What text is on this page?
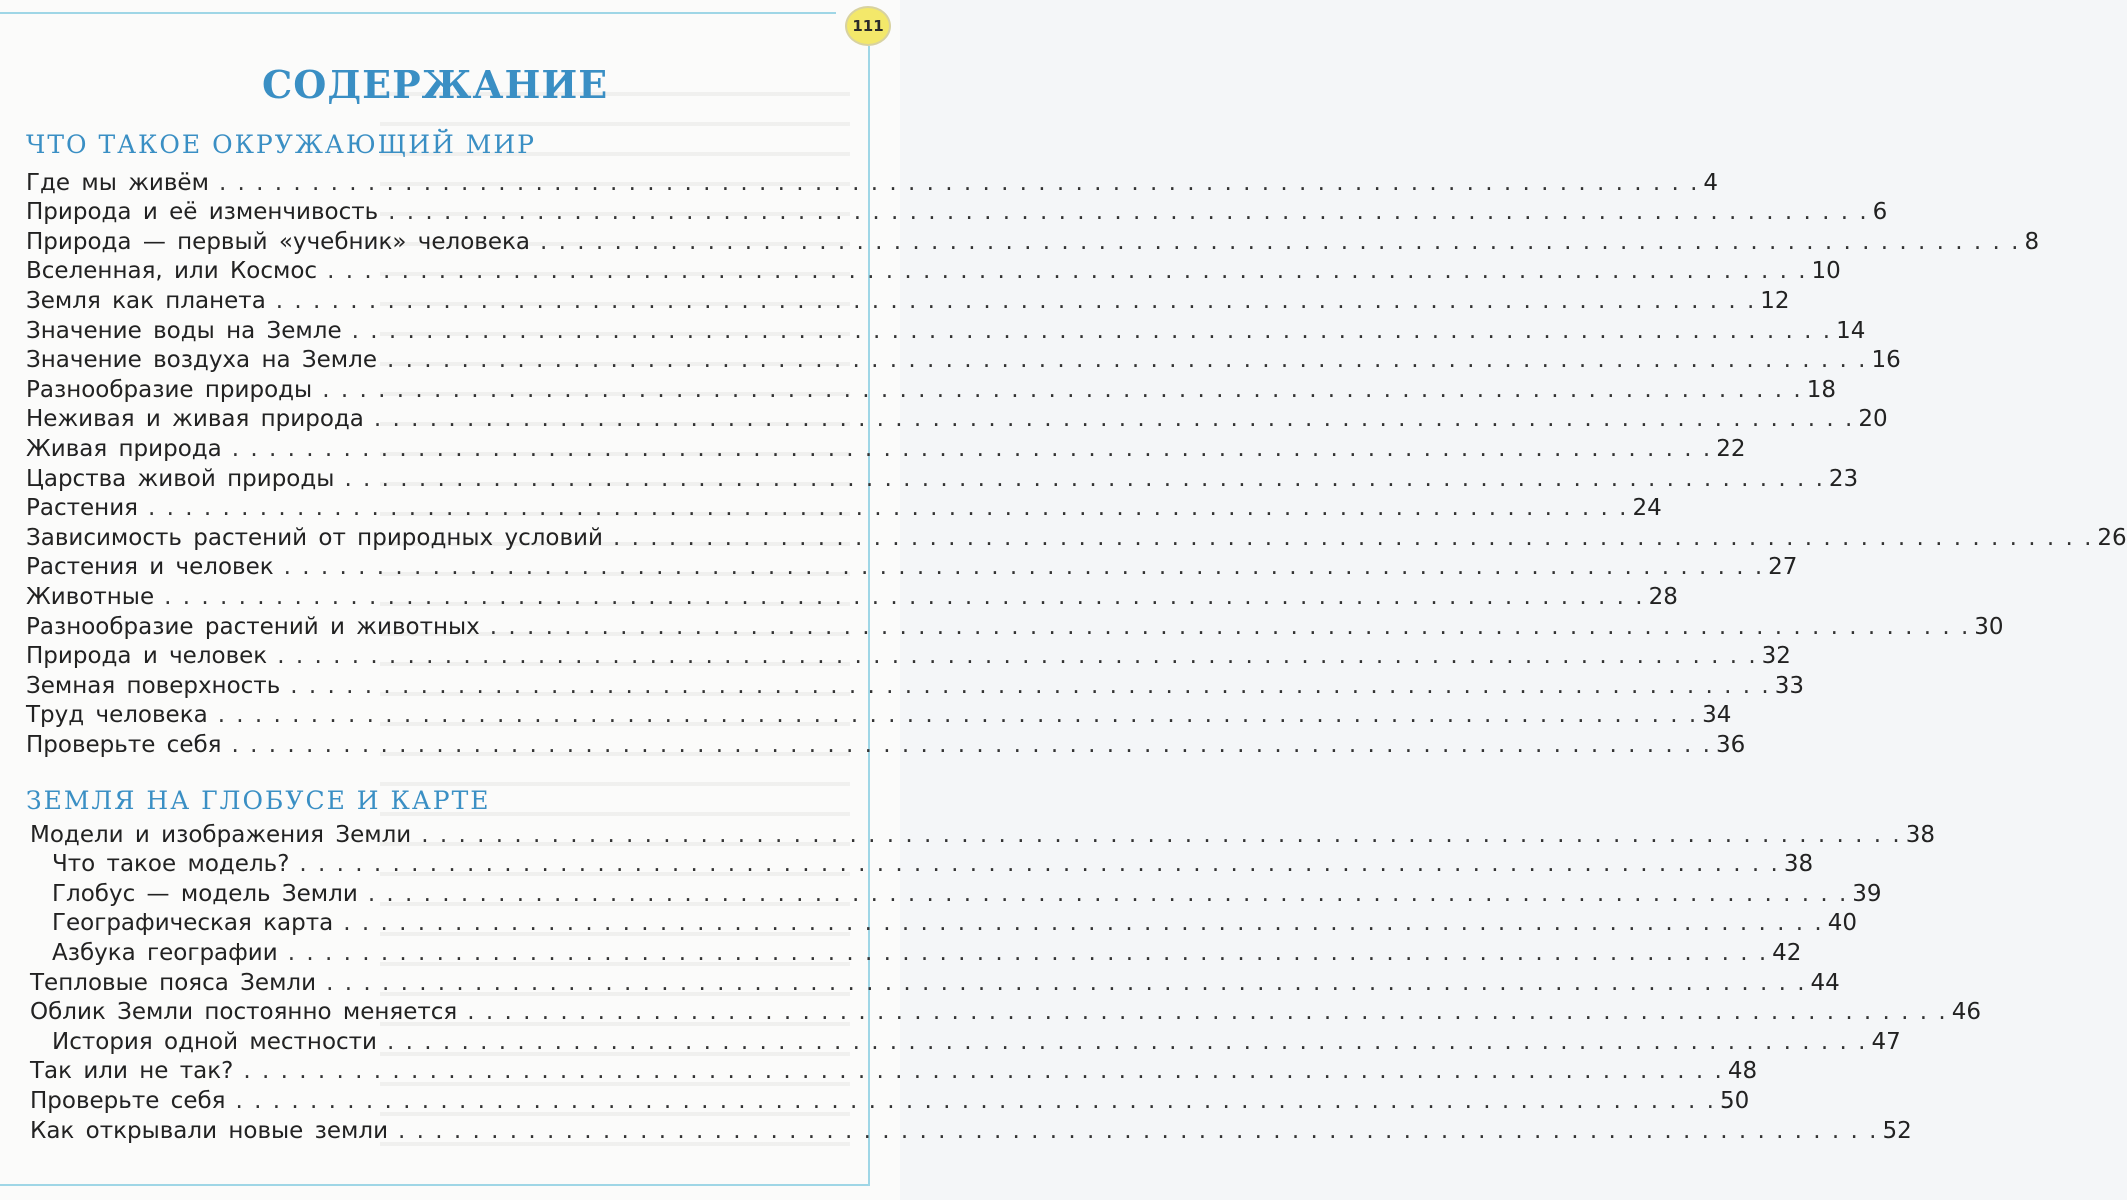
111
СОДЕРЖАНИЕ
ЧТО ТАКОЕ ОКРУЖАЮЩИЙ МИР
Где мы живём . . . . . . . . . . . . . . . . . . . . . . . . . . . . . . . . . . . . . . . . . . . . . . . . . . . . . . . . . . . . . . . . . . . . . . . . . . . . . . . . 4
Природа и её изменчивость . . . . . . . . . . . . . . . . . . . . . . . . . . . . . . . . . . . . . . . . . . . . . . . . . . . . . . . . . . . . . . . . . . . . . . . . . . . . . . . . 6
Природа — первый «учебник» человека . . . . . . . . . . . . . . . . . . . . . . . . . . . . . . . . . . . . . . . . . . . . . . . . . . . . . . . . . . . . . . . . . . . . . . . . . . . . . . . . 8
Вселенная, или Космос . . . . . . . . . . . . . . . . . . . . . . . . . . . . . . . . . . . . . . . . . . . . . . . . . . . . . . . . . . . . . . . . . . . . . . . . . . . . . . . . 10
Земля как планета . . . . . . . . . . . . . . . . . . . . . . . . . . . . . . . . . . . . . . . . . . . . . . . . . . . . . . . . . . . . . . . . . . . . . . . . . . . . . . . . 12
Значение воды на Земле . . . . . . . . . . . . . . . . . . . . . . . . . . . . . . . . . . . . . . . . . . . . . . . . . . . . . . . . . . . . . . . . . . . . . . . . . . . . . . . . 14
Значение воздуха на Земле . . . . . . . . . . . . . . . . . . . . . . . . . . . . . . . . . . . . . . . . . . . . . . . . . . . . . . . . . . . . . . . . . . . . . . . . . . . . . . . . 16
Разнообразие природы . . . . . . . . . . . . . . . . . . . . . . . . . . . . . . . . . . . . . . . . . . . . . . . . . . . . . . . . . . . . . . . . . . . . . . . . . . . . . . . . 18
Неживая и живая природа . . . . . . . . . . . . . . . . . . . . . . . . . . . . . . . . . . . . . . . . . . . . . . . . . . . . . . . . . . . . . . . . . . . . . . . . . . . . . . . . 20
Живая природа . . . . . . . . . . . . . . . . . . . . . . . . . . . . . . . . . . . . . . . . . . . . . . . . . . . . . . . . . . . . . . . . . . . . . . . . . . . . . . . . 22
Царства живой природы . . . . . . . . . . . . . . . . . . . . . . . . . . . . . . . . . . . . . . . . . . . . . . . . . . . . . . . . . . . . . . . . . . . . . . . . . . . . . . . . 23
Растения . . . . . . . . . . . . . . . . . . . . . . . . . . . . . . . . . . . . . . . . . . . . . . . . . . . . . . . . . . . . . . . . . . . . . . . . . . . . . . . . 24
Зависимость растений от природных условий . . . . . . . . . . . . . . . . . . . . . . . . . . . . . . . . . . . . . . . . . . . . . . . . . . . . . . . . . . . . . . . . . . . . . . . . . . . . . . . . 26
Растения и человек . . . . . . . . . . . . . . . . . . . . . . . . . . . . . . . . . . . . . . . . . . . . . . . . . . . . . . . . . . . . . . . . . . . . . . . . . . . . . . . . 27
Животные . . . . . . . . . . . . . . . . . . . . . . . . . . . . . . . . . . . . . . . . . . . . . . . . . . . . . . . . . . . . . . . . . . . . . . . . . . . . . . . . 28
Разнообразие растений и животных . . . . . . . . . . . . . . . . . . . . . . . . . . . . . . . . . . . . . . . . . . . . . . . . . . . . . . . . . . . . . . . . . . . . . . . . . . . . . . . . 30
Природа и человек . . . . . . . . . . . . . . . . . . . . . . . . . . . . . . . . . . . . . . . . . . . . . . . . . . . . . . . . . . . . . . . . . . . . . . . . . . . . . . . . 32
Земная поверхность . . . . . . . . . . . . . . . . . . . . . . . . . . . . . . . . . . . . . . . . . . . . . . . . . . . . . . . . . . . . . . . . . . . . . . . . . . . . . . . . 33
Труд человека . . . . . . . . . . . . . . . . . . . . . . . . . . . . . . . . . . . . . . . . . . . . . . . . . . . . . . . . . . . . . . . . . . . . . . . . . . . . . . . . 34
Проверьте себя . . . . . . . . . . . . . . . . . . . . . . . . . . . . . . . . . . . . . . . . . . . . . . . . . . . . . . . . . . . . . . . . . . . . . . . . . . . . . . . . 36
ЗЕМЛЯ НА ГЛОБУСЕ И КАРТЕ
Модели и изображения Земли . . . . . . . . . . . . . . . . . . . . . . . . . . . . . . . . . . . . . . . . . . . . . . . . . . . . . . . . . . . . . . . . . . . . . . . . . . . . . . . . 38
Что такое модель? . . . . . . . . . . . . . . . . . . . . . . . . . . . . . . . . . . . . . . . . . . . . . . . . . . . . . . . . . . . . . . . . . . . . . . . . . . . . . . . . 38
Глобус — модель Земли . . . . . . . . . . . . . . . . . . . . . . . . . . . . . . . . . . . . . . . . . . . . . . . . . . . . . . . . . . . . . . . . . . . . . . . . . . . . . . . . 39
Географическая карта . . . . . . . . . . . . . . . . . . . . . . . . . . . . . . . . . . . . . . . . . . . . . . . . . . . . . . . . . . . . . . . . . . . . . . . . . . . . . . . . 40
Азбука географии . . . . . . . . . . . . . . . . . . . . . . . . . . . . . . . . . . . . . . . . . . . . . . . . . . . . . . . . . . . . . . . . . . . . . . . . . . . . . . . . 42
Тепловые пояса Земли . . . . . . . . . . . . . . . . . . . . . . . . . . . . . . . . . . . . . . . . . . . . . . . . . . . . . . . . . . . . . . . . . . . . . . . . . . . . . . . . 44
Облик Земли постоянно меняется . . . . . . . . . . . . . . . . . . . . . . . . . . . . . . . . . . . . . . . . . . . . . . . . . . . . . . . . . . . . . . . . . . . . . . . . . . . . . . . . 46
История одной местности . . . . . . . . . . . . . . . . . . . . . . . . . . . . . . . . . . . . . . . . . . . . . . . . . . . . . . . . . . . . . . . . . . . . . . . . . . . . . . . . 47
Так или не так? . . . . . . . . . . . . . . . . . . . . . . . . . . . . . . . . . . . . . . . . . . . . . . . . . . . . . . . . . . . . . . . . . . . . . . . . . . . . . . . . 48
Проверьте себя . . . . . . . . . . . . . . . . . . . . . . . . . . . . . . . . . . . . . . . . . . . . . . . . . . . . . . . . . . . . . . . . . . . . . . . . . . . . . . . . 50
Как открывали новые земли . . . . . . . . . . . . . . . . . . . . . . . . . . . . . . . . . . . . . . . . . . . . . . . . . . . . . . . . . . . . . . . . . . . . . . . . . . . . . . . . 52
